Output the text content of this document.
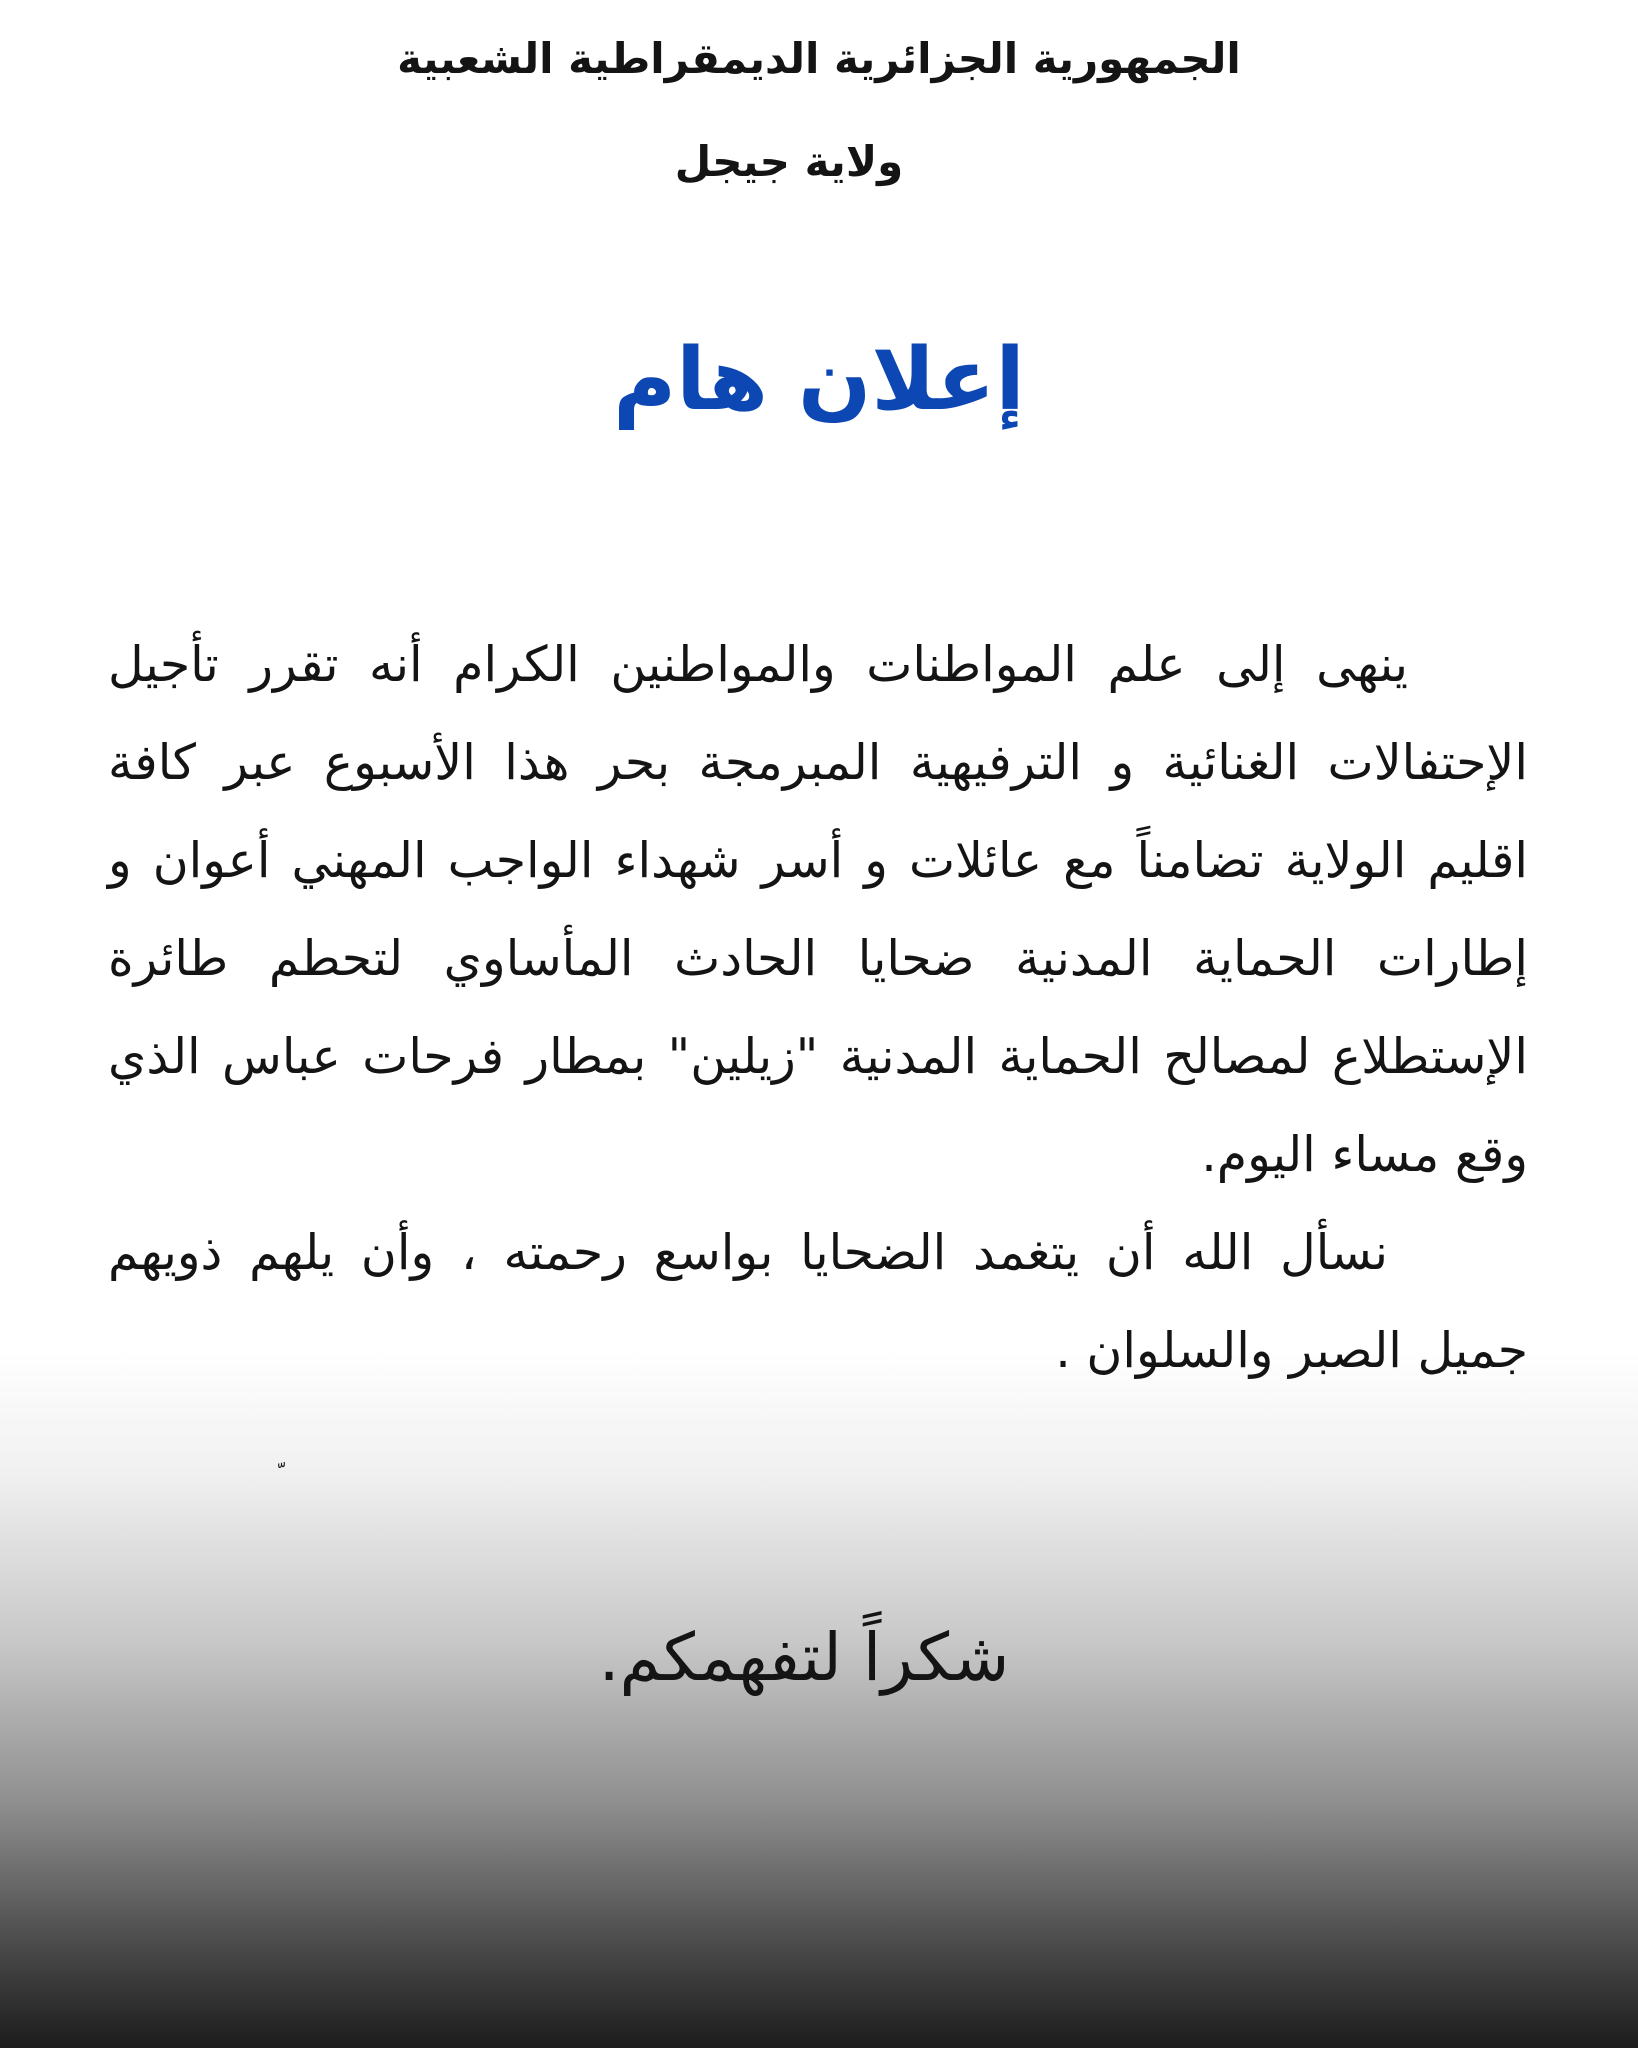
الجمهورية الجزائرية الديمقراطية الشعبية
ولاية جيجل
إعلان هام

ينهى إلى علم المواطنات والمواطنين الكرام أنه تقرر تأجيل الإحتفالات الغنائية و الترفيهية المبرمجة بحر هذا الأسبوع عبر كافة اقليم الولاية تضامناً مع عائلات و أسر شهداء الواجب المهني أعوان و إطارات الحماية المدنية ضحايا الحادث المأساوي لتحطم طائرة الإستطلاع لمصالح الحماية المدنية "زيلين" بمطار فرحات عباس الذي وقع مساء اليوم.

نسأل الله أن يتغمد الضحايا بواسع رحمته ، وأن يلهم ذويهم جميل الصبر والسلوان .

شكراً لتفهمكم.
